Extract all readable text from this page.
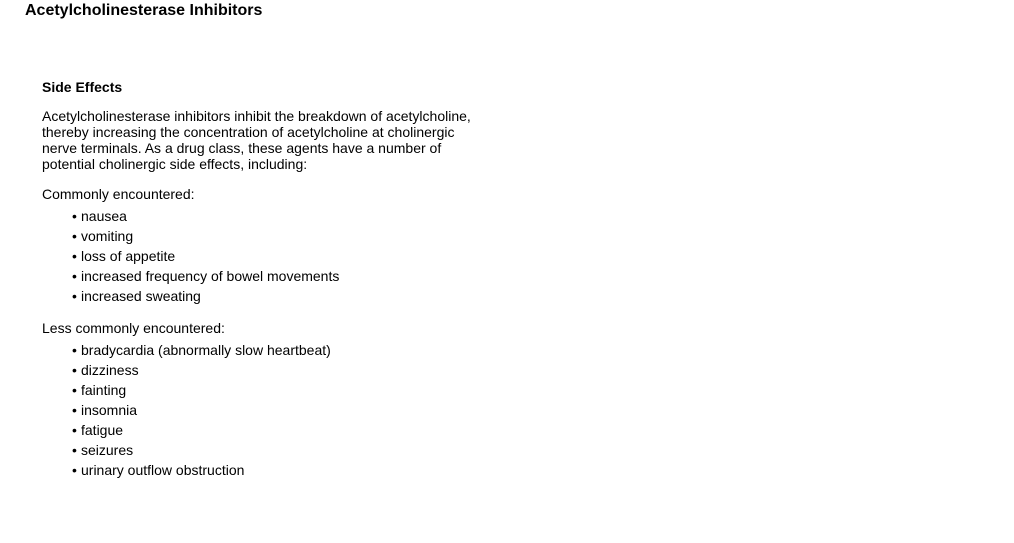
Acetylcholinesterase Inhibitors
Side Effects

Acetylcholinesterase inhibitors inhibit the breakdown of acetylcholine, thereby increasing the concentration of acetylcholine at cholinergic nerve terminals. As a drug class, these agents have a number of potential cholinergic side effects, including:

Commonly encountered:

• nausea
• vomiting
• loss of appetite
• increased frequency of bowel movements
• increased sweating

Less commonly encountered:

• bradycardia (abnormally slow heartbeat)
• dizziness
• fainting
• insomnia
• fatigue
• seizures
• urinary outflow obstruction
